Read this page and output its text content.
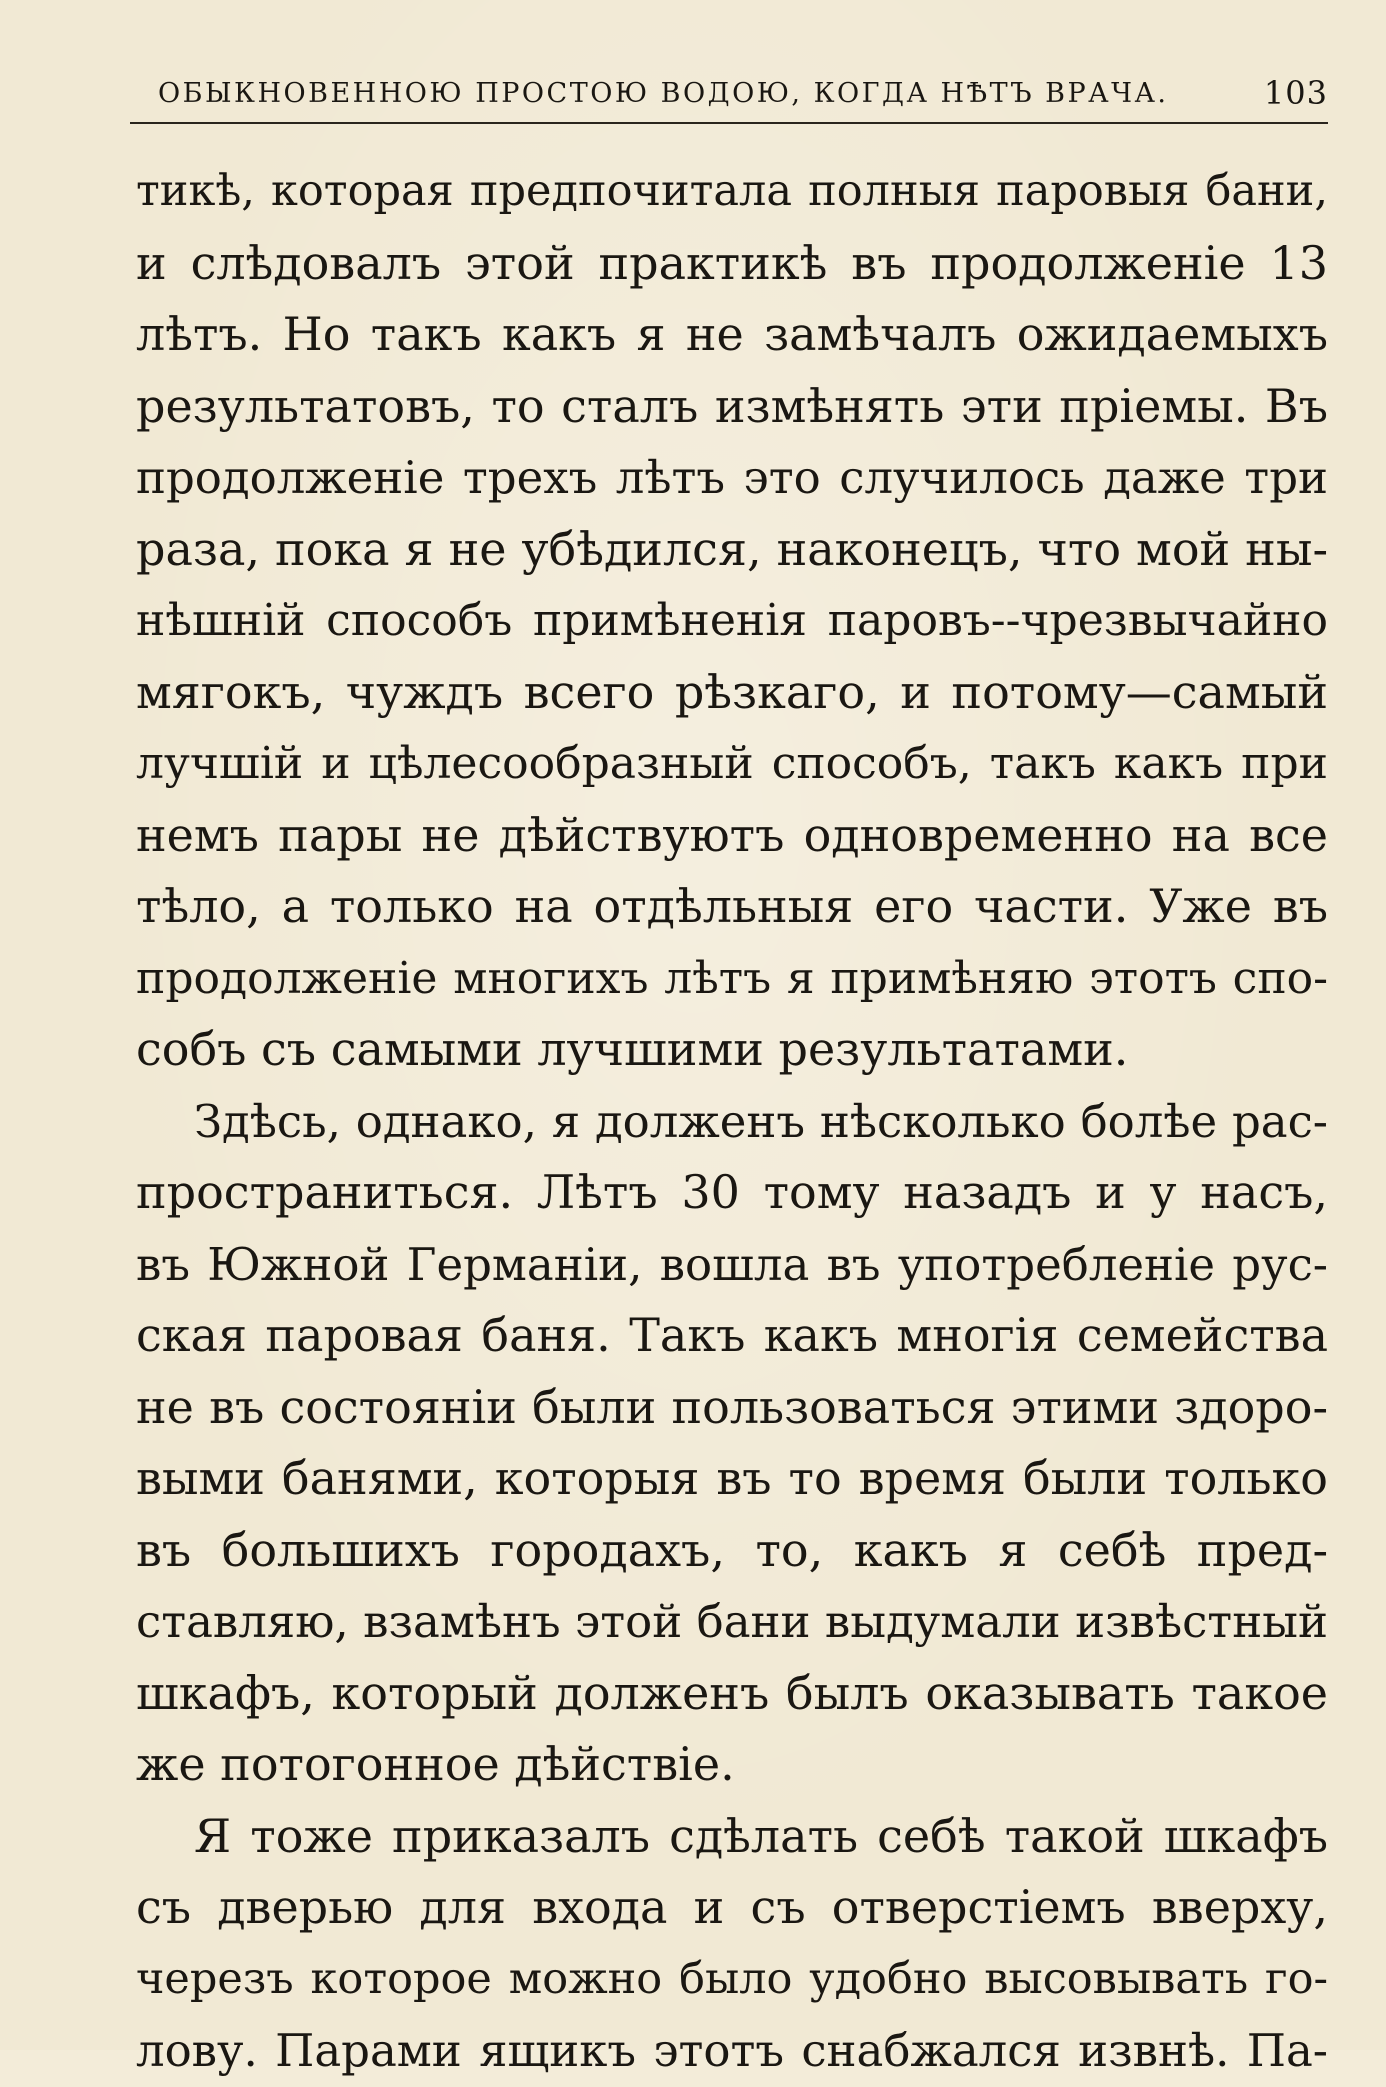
ОБЫКНОВЕННОЮ ПРОСТОЮ ВОДОЮ, КОГДА НѢТЪ ВРАЧА.	103
тикѣ, которая предпочитала полныя паровыя бани,
и слѣдовалъ этой практикѣ въ продолженіе 13
лѣтъ. Но такъ какъ я не замѣчалъ ожидаемыхъ
результатовъ, то сталъ измѣнять эти пріемы. Въ
продолженіе трехъ лѣтъ это случилось даже три
раза, пока я не убѣдился, наконецъ, что мой ны-
нѣшній способъ примѣненія паровъ--чрезвычайно
мягокъ, чуждъ всего рѣзкаго, и потому—самый
лучшій и цѣлесообразный способъ, такъ какъ при
немъ пары не дѣйствуютъ одновременно на все
тѣло, а только на отдѣльныя его части. Уже въ
продолженіе многихъ лѣтъ я примѣняю этотъ спо-
собъ съ самыми лучшими результатами.
Здѣсь, однако, я долженъ нѣсколько болѣе рас-
пространиться. Лѣтъ 30 тому назадъ и у насъ,
въ Южной Германіи, вошла въ употребленіе рус-
ская паровая баня. Такъ какъ многія семейства
не въ состояніи были пользоваться этими здоро-
выми банями, которыя въ то время были только
въ большихъ городахъ, то, какъ я себѣ пред-
ставляю, взамѣнъ этой бани выдумали извѣстный
шкафъ, который долженъ былъ оказывать такое
же потогонное дѣйствіе.
Я тоже приказалъ сдѣлать себѣ такой шкафъ
съ дверью для входа и съ отверстіемъ вверху,
черезъ которое можно было удобно высовывать го-
лову. Парами ящикъ этотъ снабжался извнѣ. Па-
